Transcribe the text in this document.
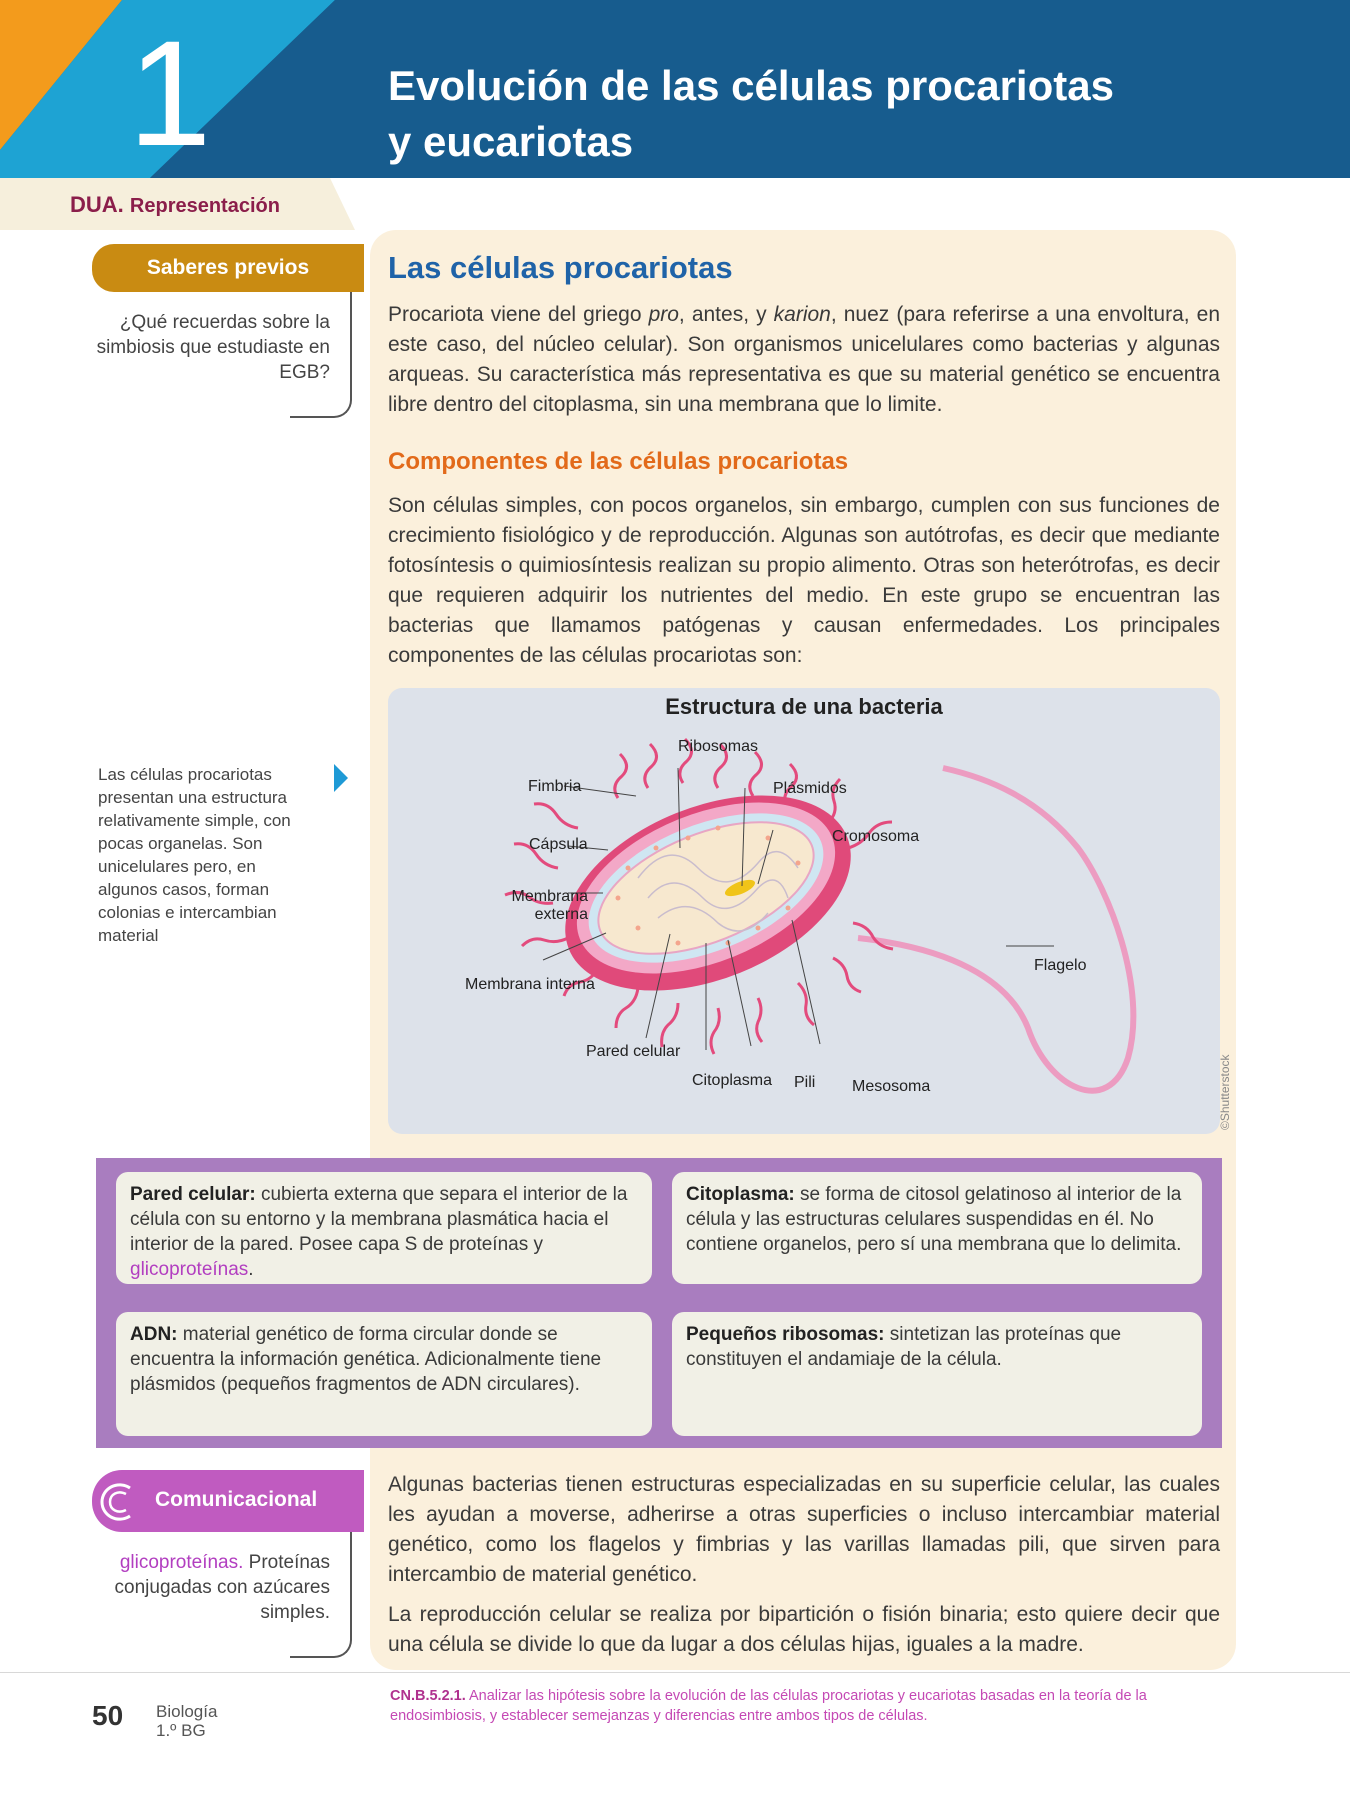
1	Evolución de las células procariotas
y eucariotas
DUA. Representación
Saberes previos
¿Qué recuerdas sobre la simbiosis que estudiaste en EGB?
Las células procariotas
Procariota viene del griego pro, antes, y karion, nuez (para referirse a una envoltura, en este caso, del núcleo celular). Son organismos unicelulares como bacterias y algunas arqueas. Su característica más representativa es que su material genético se encuentra libre dentro del citoplasma, sin una membrana que lo limite.
Componentes de las células procariotas
Son células simples, con pocos organelos, sin embargo, cumplen con sus funciones de crecimiento fisiológico y de reproducción. Algunas son autótrofas, es decir que mediante fotosíntesis o quimiosíntesis realizan su propio alimento. Otras son heterótrofas, es decir que requieren adquirir los nutrientes del medio. En este grupo se encuentran las bacterias que llamamos patógenas y causan enfermedades. Los principales componentes de las células procariotas son:
Estructura de una bacteria
Ribosomas
Fimbria	Plásmidos
Cromosoma
Cápsula
Membrana
externa
Flagelo
Membrana interna
Pared celular
Citoplasma Pili Mesosoma	©Shutterstock
Las células procariotas presentan una estructura relativamente simple, con pocas organelas. Son unicelulares pero, en algunos casos, forman colonias e intercambian material
Pared celular: cubierta externa que separa el interior de la célula con su entorno y la membrana plasmática hacia el interior de la pared. Posee capa S de proteínas y glicoproteínas.
Citoplasma: se forma de citosol gelatinoso al interior de la célula y las estructuras celulares suspendidas en él. No contiene organelos, pero sí una membrana que lo delimita.
ADN: material genético de forma circular donde se encuentra la información genética. Adicionalmente tiene plásmidos (pequeños fragmentos de ADN circulares).
Pequeños ribosomas: sintetizan las proteínas que constituyen el andamiaje de la célula.
Comunicacional
glicoproteínas. Proteínas conjugadas con azúcares simples.
Algunas bacterias tienen estructuras especializadas en su superficie celular, las cuales les ayudan a moverse, adherirse a otras superficies o incluso intercambiar material genético, como los flagelos y fimbrias y las varillas llamadas pili, que sirven para intercambio de material genético.
La reproducción celular se realiza por bipartición o fisión binaria; esto quiere decir que una célula se divide lo que da lugar a dos células hijas, iguales a la madre.
50 Biología
1.º BG
CN.B.5.2.1. Analizar las hipótesis sobre la evolución de las células procariotas y eucariotas basadas en la teoría de la endosimbiosis, y establecer semejanzas y diferencias entre ambos tipos de células.
